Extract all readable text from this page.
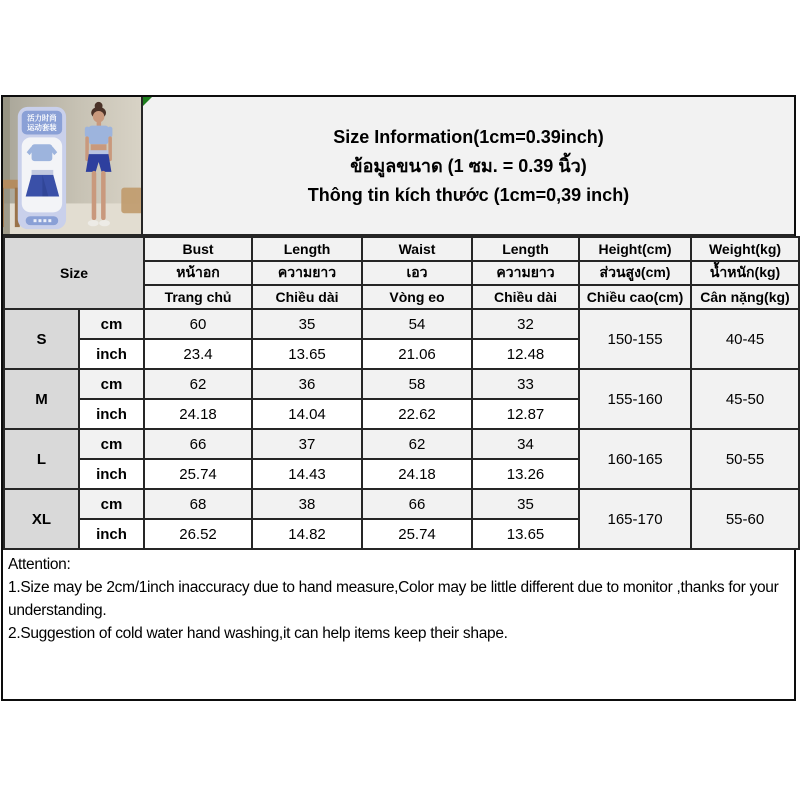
活力时尚
运动套装	Size Information(1cm=0.39inch)
ข้อมูลขนาด (1 ซม. = 0.39 นิ้ว)
Thông tin kích thước (1cm=0,39 inch)
Size		Bust	Length	Waist	Length	Height(cm)	Weight(kg)
		หน้าอก	ความยาว	เอว	ความยาว	ส่วนสูง(cm)	น้ำหนัก(kg)
		Trang chủ	Chiều dài	Vòng eo	Chiều dài	Chiều cao(cm)	Cân nặng(kg)
S	cm	60	35	54	32	150-155	40-45
	inch	23.4	13.65	21.06	12.48		
M	cm	62	36	58	33	155-160	45-50
	inch	24.18	14.04	22.62	12.87		
L	cm	66	37	62	34	160-165	50-55
	inch	25.74	14.43	24.18	13.26		
XL	cm	68	38	66	35	165-170	55-60
	inch	26.52	14.82	25.74	13.65		
Attention:
1.Size may be 2cm/1inch inaccuracy due to hand measure,Color may be little different due to monitor ,thanks for your understanding.
2.Suggestion of cold water hand washing,it can help items keep their shape.
